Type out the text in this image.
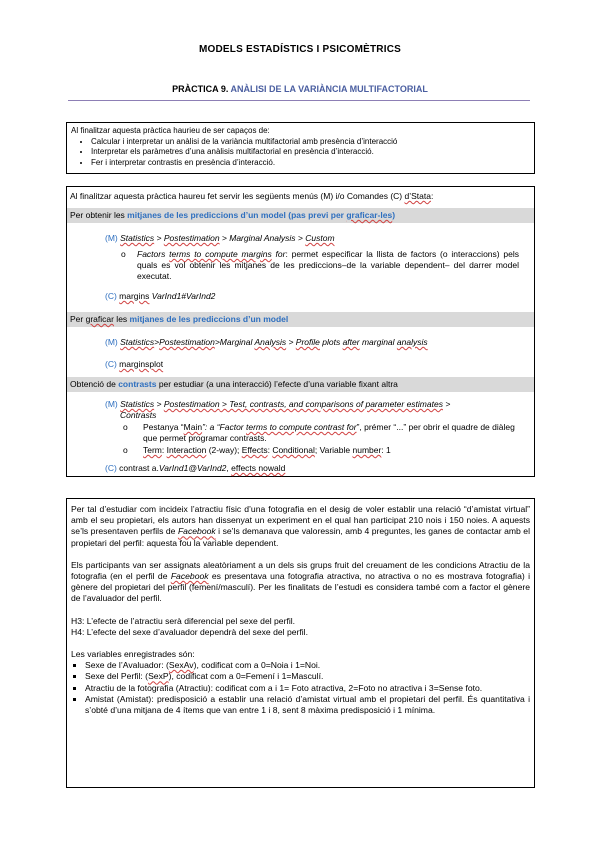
MODELS ESTADÍSTICS I PSICOMÈTRICS
PRÀCTICA 9. ANÀLISI DE LA VARIÀNCIA MULTIFACTORIAL
Al finalitzar aquesta pràctica haurieu de ser capaços de:
• Calcular i interpretar un anàlisi de la variància multifactorial amb presència d’interacció
• Interpretar els paràmetres d’una anàlisis multifactorial en presència d’interacció.
• Fer i interpretar contrastis en presència d’interacció.
Al finalitzar aquesta pràctica haureu fet servir les següents menús (M) i/o Comandes (C) d’Stata:
Per obtenir les mitjanes de les prediccions d’un model (pas previ per graficar-les)
(M) Statistics > Postestimation > Marginal Analysis > Custom
o Factors terms to compute margins for: permet especificar la llista de factors (o interaccions) pels quals es vol obtenir les mitjanes de les prediccions–de la variable dependent– del darrer model executat.
(C) margins VarInd1#VarInd2
Per graficar les mitjanes de les prediccions d’un model
(M) Statistics>Postestimation>Marginal Analysis > Profile plots after marginal analysis
(C) marginsplot
Obtenció de contrasts per estudiar (a una interacció) l’efecte d’una variable fixant altra
(M) Statistics > Postestimation > Test, contrasts, and comparisons of parameter estimates >
Contrasts
o Pestanya “Main”: a “Factor terms to compute contrast for”, prémer “...” per obrir el quadre de diàleg que permet programar contrasts.
o Term: Interaction (2-way); Effects: Conditional; Variable number: 1
(C) contrast a.VarInd1@VarInd2, effects nowald

Per tal d’estudiar com incideix l’atractiu físic d’una fotografia en el desig de voler establir una relació “d’amistat virtual” amb el seu propietari, els autors han dissenyat un experiment en el qual han participat 210 nois i 150 noies. A aquests se’ls presentaven perfils de Facebook i se’ls demanava que valoressin, amb 4 preguntes, les ganes de contactar amb el propietari del perfil: aquesta fou la variable dependent.

Els participants van ser assignats aleatòriament a un dels sis grups fruit del creuament de les condicions Atractiu de la fotografia (en el perfil de Facebook es presentava una fotografia atractiva, no atractiva o no es mostrava fotografia) i gènere del propietari del perfil (femení/masculí). Per les finalitats de l’estudi es considera també com a factor el gènere de l’avaluador del perfil.

H3: L’efecte de l’atractiu serà diferencial pel sexe del perfil.

H4: L’efecte del sexe d’avaluador dependrà del sexe del perfil.

Les variables enregistrades són:

▪ Sexe de l’Avaluador: (SexAv), codificat com a 0=Noia i 1=Noi.
▪ Sexe del Perfil: (SexP), codificat com a 0=Femení i 1=Masculí.
▪ Atractiu de la fotografia (Atractiu): codificat com a i 1= Foto atractiva, 2=Foto no atractiva i 3=Sense foto.
▪ Amistat (Amistat): predisposició a establir una relació d’amistat virtual amb el propietari del perfil. És quantitativa i s’obté d’una mitjana de 4 ítems que van entre 1 i 8, sent 8 màxima predisposició i 1 mínima.
